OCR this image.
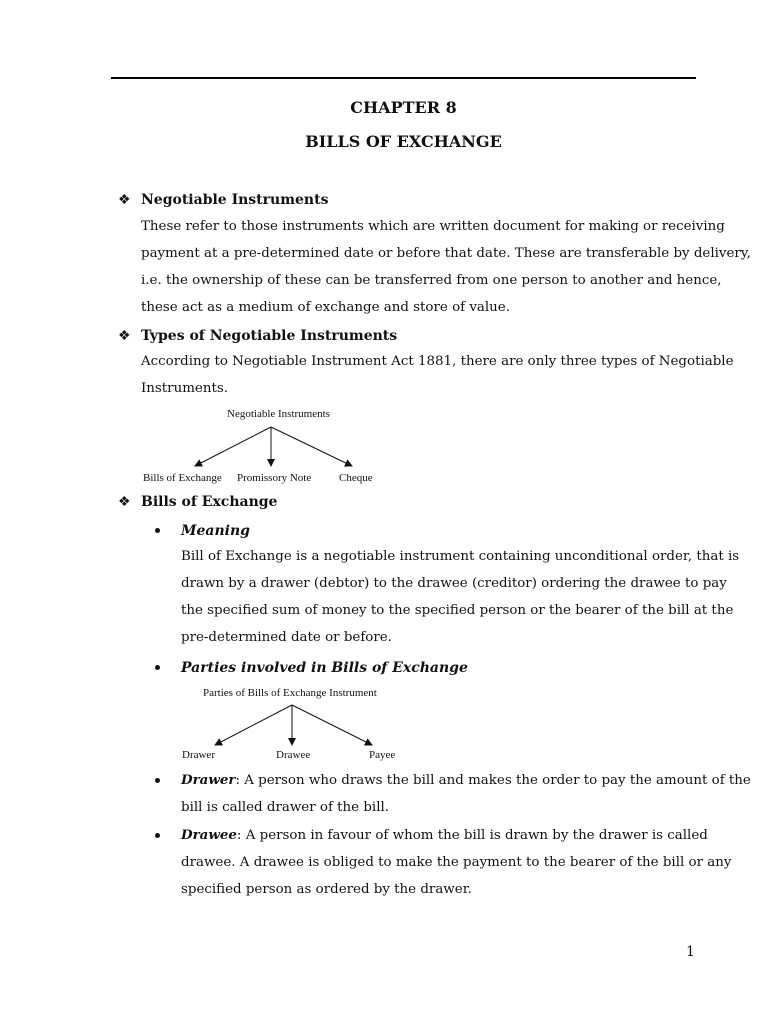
CHAPTER 8
BILLS OF EXCHANGE
❖ Negotiable Instruments
These refer to those instruments which are written document for making or receiving
payment at a pre-determined date or before that date. These are transferable by delivery,
i.e. the ownership of these can be transferred from one person to another and hence,
these act as a medium of exchange and store of value.
❖ Types of Negotiable Instruments
According to Negotiable Instrument Act 1881, there are only three types of Negotiable
Instruments.
Negotiable Instruments
Bills of Exchange Promissory Note	Cheque
❖ Bills of Exchange
Meaning
Bill of Exchange is a negotiable instrument containing unconditional order, that is
drawn by a drawer (debtor) to the drawee (creditor) ordering the drawee to pay
the specified sum of money to the specified person or the bearer of the bill at the
pre-determined date or before.
Parties involved in Bills of Exchange
Parties of Bills of Exchange Instrument
Drawer	Drawee	Payee
Drawer: A person who draws the bill and makes the order to pay the amount of the
bill is called drawer of the bill.
Drawee: A person in favour of whom the bill is drawn by the drawer is called
drawee. A drawee is obliged to make the payment to the bearer of the bill or any
specified person as ordered by the drawer.
1
